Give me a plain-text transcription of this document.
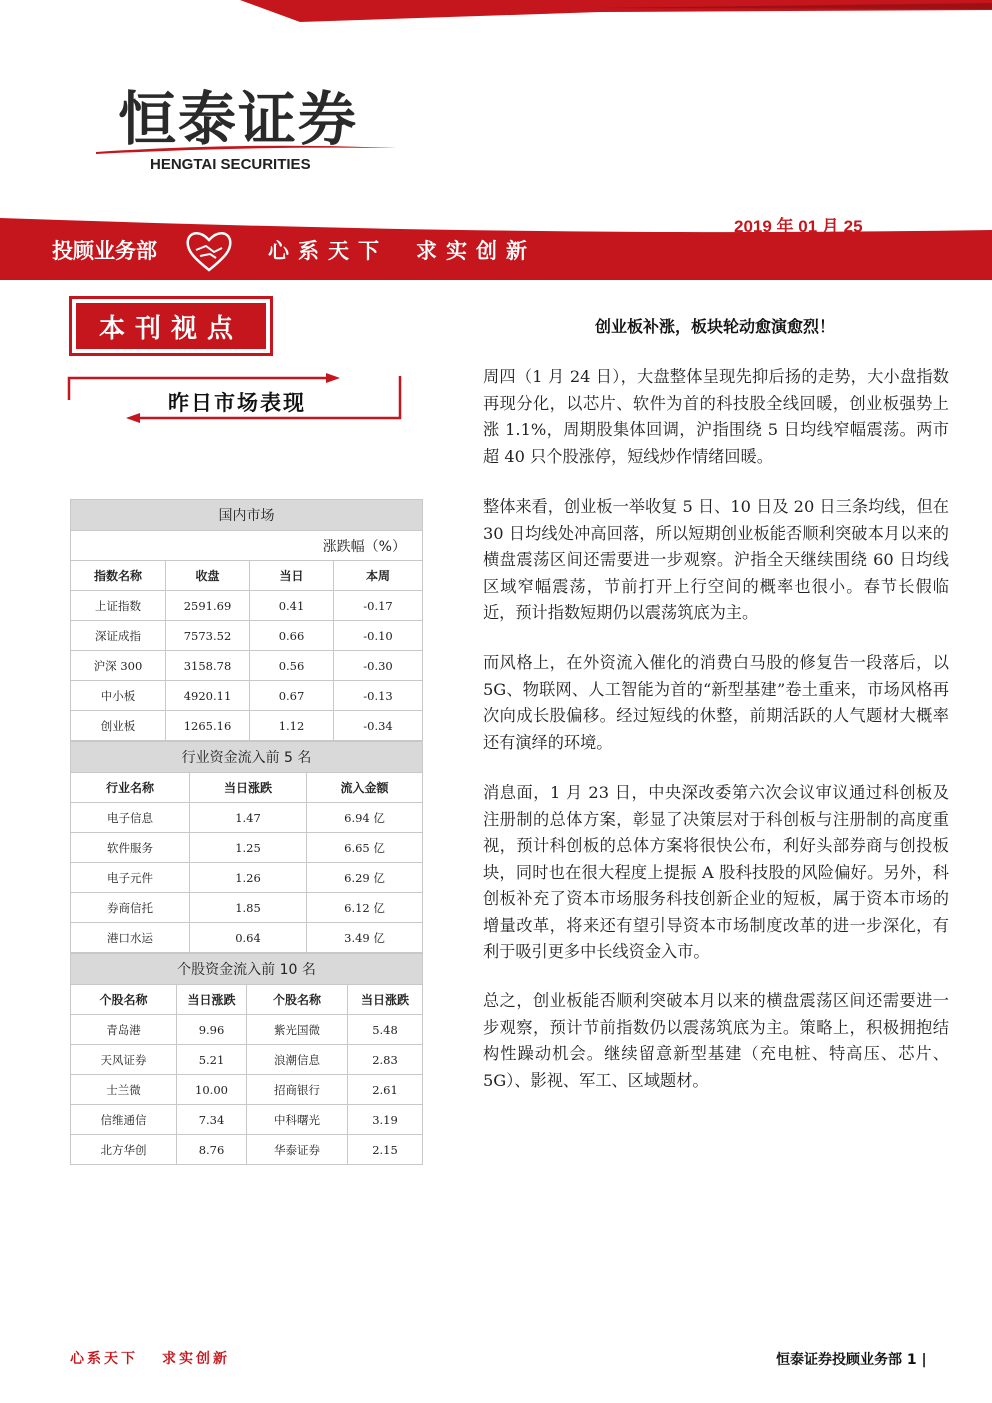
恒泰证券
HENGTAI SECURITIES
2019 年 01 月 25
投顾业务部	心系天下 求实创新
本刊视点
昨日市场表现
国内市场			
涨跌幅（%）			
指数名称	收盘	当日	本周
上证指数	2591.69	0.41	-0.17
深证成指	7573.52	0.66	-0.10
沪深 300	3158.78	0.56	-0.30
中小板	4920.11	0.67	-0.13
创业板	1265.16	1.12	-0.34
行业资金流入前 5 名		
行业名称	当日涨跌	流入金额
电子信息	1.47	6.94 亿
软件服务	1.25	6.65 亿
电子元件	1.26	6.29 亿
券商信托	1.85	6.12 亿
港口水运	0.64	3.49 亿
个股资金流入前 10 名			
个股名称	当日涨跌	个股名称	当日涨跌
青岛港	9.96	紫光国微	5.48
天风证券	5.21	浪潮信息	2.83
士兰微	10.00	招商银行	2.61
信维通信	7.34	中科曙光	3.19
北方华创	8.76	华泰证券	2.15
创业板补涨，板块轮动愈演愈烈！
周四（1 月 24 日），大盘整体呈现先抑后扬的走势，大小盘指数再现分化，以芯片、软件为首的科技股全线回暖，创业板强势上涨 1.1%，周期股集体回调，沪指围绕 5 日均线窄幅震荡。两市超 40 只个股涨停，短线炒作情绪回暖。
整体来看，创业板一举收复 5 日、10 日及 20 日三条均线，但在 30 日均线处冲高回落，所以短期创业板能否顺利突破本月以来的横盘震荡区间还需要进一步观察。沪指全天继续围绕 60 日均线区域窄幅震荡，节前打开上行空间的概率也很小。春节长假临近，预计指数短期仍以震荡筑底为主。
而风格上，在外资流入催化的消费白马股的修复告一段落后，以 5G、物联网、人工智能为首的“新型基建”卷土重来，市场风格再次向成长股偏移。经过短线的休整，前期活跃的人气题材大概率还有演绎的环境。
消息面，1 月 23 日，中央深改委第六次会议审议通过科创板及注册制的总体方案，彰显了决策层对于科创板与注册制的高度重视，预计科创板的总体方案将很快公布，利好头部券商与创投板块，同时也在很大程度上提振 A 股科技股的风险偏好。另外，科创板补充了资本市场服务科技创新企业的短板，属于资本市场的增量改革，将来还有望引导资本市场制度改革的进一步深化，有利于吸引更多中长线资金入市。
总之，创业板能否顺利突破本月以来的横盘震荡区间还需要进一步观察，预计节前指数仍以震荡筑底为主。策略上，积极拥抱结构性躁动机会。继续留意新型基建（充电桩、特高压、芯片、5G）、影视、军工、区域题材。
心系天下 求实创新	恒泰证券投顾业务部 1 |
